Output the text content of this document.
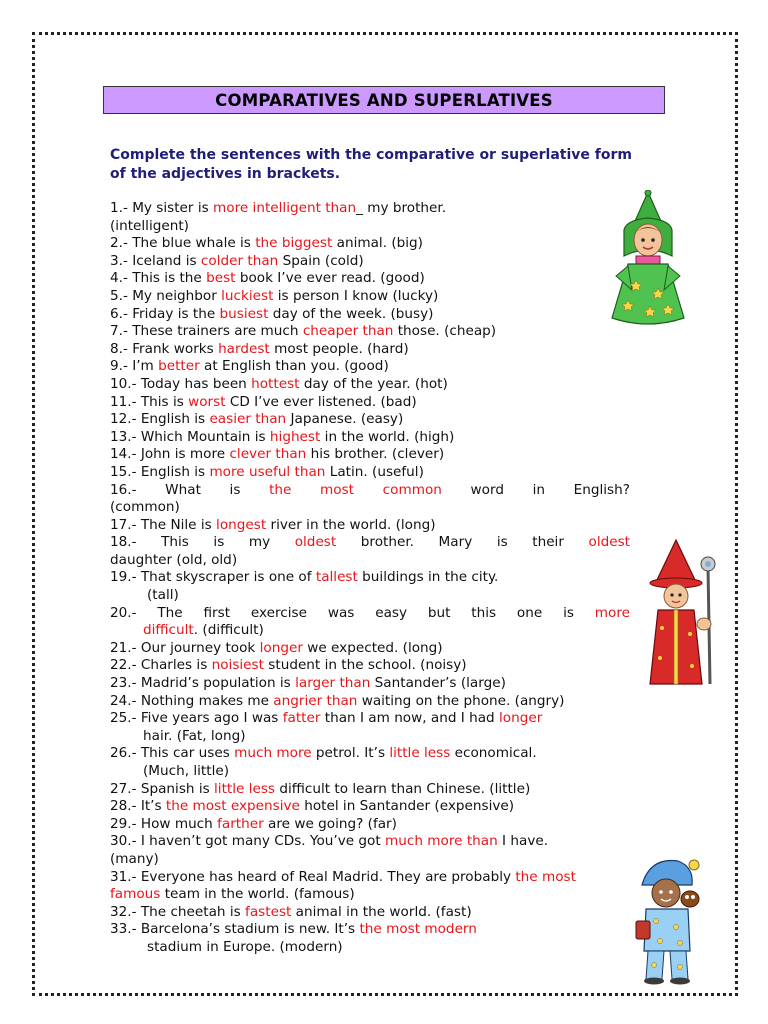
COMPARATIVES AND SUPERLATIVES
Complete the sentences with the comparative or superlative form of the adjectives in brackets.
1.- My sister is more intelligent than_ my brother.
(intelligent)
2.- The blue whale is the biggest animal. (big)
3.- Iceland is colder than Spain (cold)
4.- This is the best book I’ve ever read. (good)
5.- My neighbor luckiest is person I know (lucky)
6.- Friday is the busiest day of the week. (busy)
7.- These trainers are much cheaper than those. (cheap)
8.- Frank works hardest most people. (hard)
9.- I’m better at English than you. (good)
10.- Today has been hottest day of the year. (hot)
11.- This is worst CD I’ve ever listened. (bad)
12.- English is easier than Japanese. (easy)
13.- Which Mountain is highest in the world. (high)
14.- John is more clever than his brother. (clever)
15.- English is more useful than Latin. (useful)
16.- What is the most common word in English?
(common)
17.- The Nile is longest river in the world. (long)
18.- This is my oldest brother. Mary is their oldest
daughter (old, old)
19.- That skyscraper is one of tallest buildings in the city.
(tall)
20.- The first exercise was easy but this one is more
difficult. (difficult)
21.- Our journey took longer we expected. (long)
22.- Charles is noisiest student in the school. (noisy)
23.- Madrid’s population is larger than Santander’s (large)
24.- Nothing makes me angrier than waiting on the phone. (angry)
25.- Five years ago I was fatter than I am now, and I had longer
hair. (Fat, long)
26.- This car uses much more petrol. It’s little less economical.
(Much, little)
27.- Spanish is little less difficult to learn than Chinese. (little)
28.- It’s the most expensive hotel in Santander (expensive)
29.- How much farther are we going? (far)
30.- I haven’t got many CDs. You’ve got much more than I have.
(many)
31.- Everyone has heard of Real Madrid. They are probably the most
famous team in the world. (famous)
32.- The cheetah is fastest animal in the world. (fast)
33.- Barcelona’s stadium is new. It’s the most modern
stadium in Europe. (modern)
